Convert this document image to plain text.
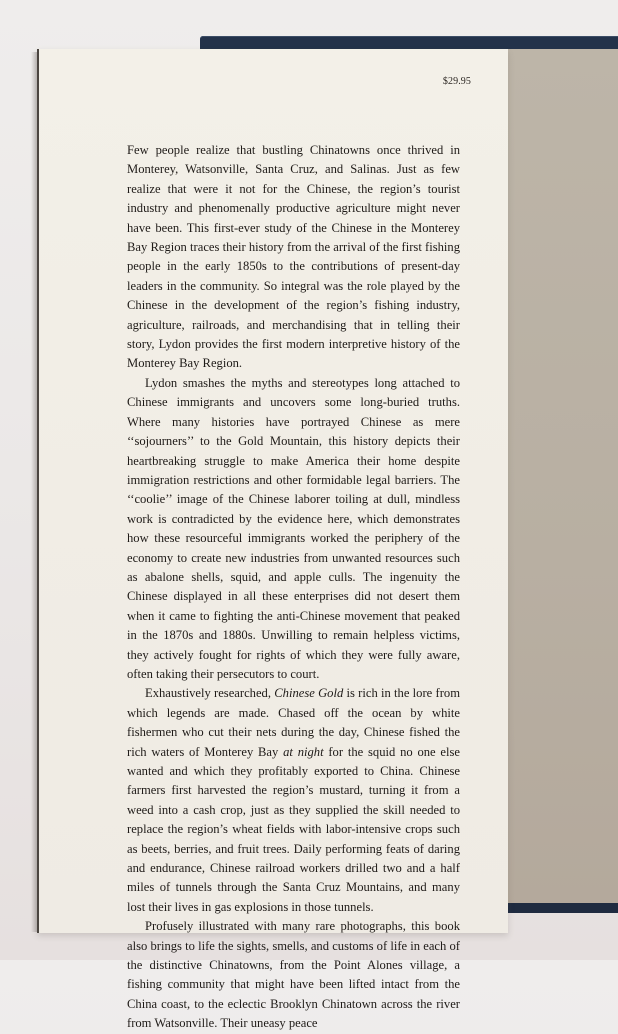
$29.95

Few people realize that bustling Chinatowns once thrived in Monterey, Watsonville, Santa Cruz, and Salinas. Just as few realize that were it not for the Chinese, the region’s tourist industry and phenomenally productive agriculture might never have been. This first-ever study of the Chinese in the Monterey Bay Region traces their history from the arrival of the first fishing people in the early 1850s to the contributions of present-day leaders in the community. So integral was the role played by the Chinese in the development of the region’s fishing industry, agriculture, railroads, and merchandising that in telling their story, Lydon provides the first modern interpretive history of the Monterey Bay Region.

Lydon smashes the myths and stereotypes long attached to Chinese immigrants and uncovers some long-buried truths. Where many histories have portrayed Chinese as mere ‘‘sojourners’’ to the Gold Mountain, this history depicts their heartbreaking struggle to make America their home despite immigration restrictions and other formidable legal barriers. The ‘‘coolie’’ image of the Chinese laborer toiling at dull, mindless work is contradicted by the evidence here, which demonstrates how these resourceful immigrants worked the periphery of the economy to create new industries from unwanted resources such as abalone shells, squid, and apple culls. The ingenuity the Chinese displayed in all these enterprises did not desert them when it came to fighting the anti-Chinese movement that peaked in the 1870s and 1880s. Unwilling to remain helpless victims, they actively fought for rights of which they were fully aware, often taking their persecutors to court.

Exhaustively researched, Chinese Gold is rich in the lore from which legends are made. Chased off the ocean by white fishermen who cut their nets during the day, Chinese fished the rich waters of Monterey Bay at night for the squid no one else wanted and which they profitably exported to China. Chinese farmers first harvested the region’s mustard, turning it from a weed into a cash crop, just as they supplied the skill needed to replace the region’s wheat fields with labor-intensive crops such as beets, berries, and fruit trees. Daily performing feats of daring and endurance, Chinese railroad workers drilled two and a half miles of tunnels through the Santa Cruz Mountains, and many lost their lives in gas explosions in those tunnels.

Profusely illustrated with many rare photographs, this book also brings to life the sights, smells, and customs of life in each of the distinctive Chinatowns, from the Point Alones village, a fishing community that might have been lifted intact from the China coast, to the eclectic Brooklyn Chinatown across the river from Watsonville. Their uneasy peace
